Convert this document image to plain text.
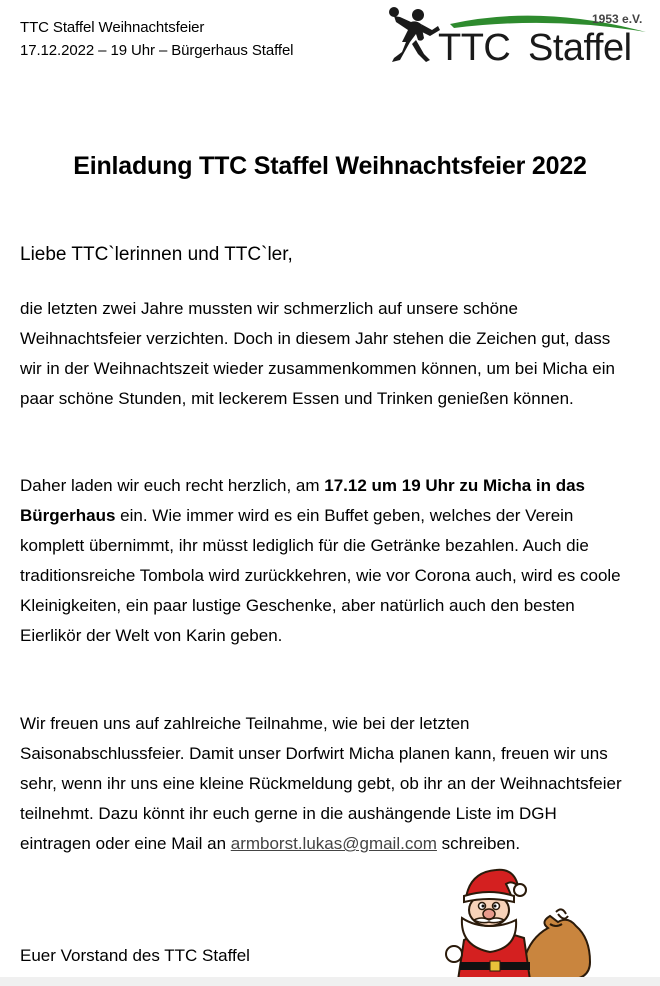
TTC Staffel Weihnachtsfeier
17.12.2022 – 19 Uhr – Bürgerhaus Staffel
1953 e.V.
TTC Staffel
Einladung TTC Staffel Weihnachtsfeier 2022

Liebe TTC`lerinnen und TTC`ler,

die letzten zwei Jahre mussten wir schmerzlich auf unsere schöne Weihnachtsfeier verzichten. Doch in diesem Jahr stehen die Zeichen gut, dass wir in der Weihnachtszeit wieder zusammenkommen können, um bei Micha ein paar schöne Stunden, mit leckerem Essen und Trinken genießen können.

Daher laden wir euch recht herzlich, am 17.12 um 19 Uhr zu Micha in das Bürgerhaus ein. Wie immer wird es ein Buffet geben, welches der Verein komplett übernimmt, ihr müsst lediglich für die Getränke bezahlen. Auch die traditionsreiche Tombola wird zurückkehren, wie vor Corona auch, wird es coole Kleinigkeiten, ein paar lustige Geschenke, aber natürlich auch den besten Eierlikör der Welt von Karin geben.

Wir freuen uns auf zahlreiche Teilnahme, wie bei der letzten Saisonabschlussfeier. Damit unser Dorfwirt Micha planen kann, freuen wir uns sehr, wenn ihr uns eine kleine Rückmeldung gebt, ob ihr an der Weihnachtsfeier teilnehmt. Dazu könnt ihr euch gerne in die aushängende Liste im DGH eintragen oder eine Mail an armborst.lukas@gmail.com schreiben.

Euer Vorstand des TTC Staffel
